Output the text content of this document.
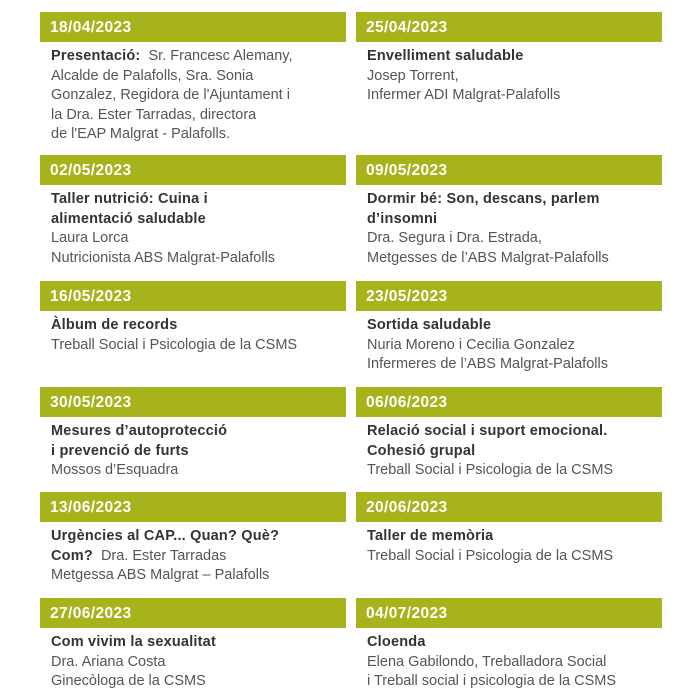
18/04/2023
Presentació: Sr. Francesc Alemany,
Alcalde de Palafolls, Sra. Sonia
Gonzalez, Regidora de l'Ajuntament i
la Dra. Ester Tarradas, directora
de l'EAP Malgrat - Palafolls.
25/04/2023
Envelliment saludable
Josep Torrent,
Infermer ADI Malgrat-Palafolls
02/05/2023
Taller nutrició: Cuina i
alimentació saludable
Laura Lorca
Nutricionista ABS Malgrat-Palafolls
09/05/2023
Dormir bé: Son, descans, parlem
d’insomni
Dra. Segura i Dra. Estrada,
Metgesses de l’ABS Malgrat-Palafolls
16/05/2023
Àlbum de records
Treball Social i Psicologia de la CSMS
23/05/2023
Sortida saludable
Nuria Moreno i Cecilia Gonzalez
Infermeres de l’ABS Malgrat-Palafolls
30/05/2023
Mesures d’autoprotecció
i prevenció de furts
Mossos d’Esquadra
06/06/2023
Relació social i suport emocional.
Cohesió grupal
Treball Social i Psicologia de la CSMS
13/06/2023
Urgències al CAP... Quan? Què?
Com? Dra. Ester Tarradas
Metgessa ABS Malgrat – Palafolls
20/06/2023
Taller de memòria
Treball Social i Psicologia de la CSMS
27/06/2023
Com vivim la sexualitat
Dra. Ariana Costa
Ginecòloga de la CSMS
04/07/2023
Cloenda
Elena Gabilondo, Treballadora Social
i Treball social i psicologia de la CSMS
